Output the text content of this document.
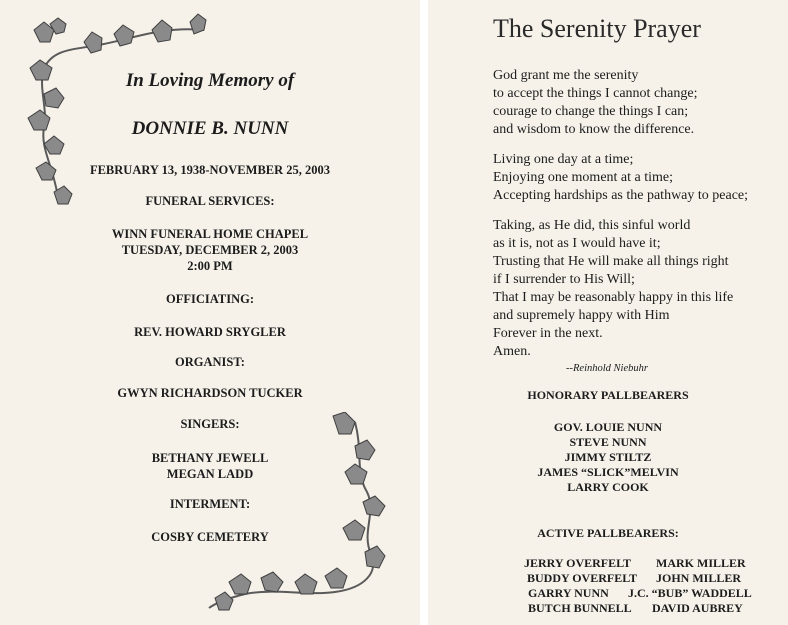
In Loving Memory of
DONNIE B. NUNN
FEBRUARY 13, 1938-NOVEMBER 25, 2003
FUNERAL SERVICES:
WINN FUNERAL HOME CHAPEL
TUESDAY, DECEMBER 2, 2003
2:00 PM
OFFICIATING:
REV. HOWARD SRYGLER
ORGANIST:
GWYN RICHARDSON TUCKER
SINGERS:
BETHANY JEWELL
MEGAN LADD
INTERMENT:
COSBY CEMETERY
The Serenity Prayer
God grant me the serenity
to accept the things I cannot change;
courage to change the things I can;
and wisdom to know the difference.

Living one day at a time;
Enjoying one moment at a time;
Accepting hardships as the pathway to peace;

Taking, as He did, this sinful world
as it is, not as I would have it;
Trusting that He will make all things right
if I surrender to His Will;
That I may be reasonably happy in this life
and supremely happy with Him
Forever in the next.
Amen.
--Reinhold Niebuhr
HONORARY PALLBEARERS
GOV. LOUIE NUNN
STEVE NUNN
JIMMY STILTZ
JAMES “SLICK”MELVIN
LARRY COOK
ACTIVE PALLBEARERS:
JERRY OVERFELT MARK MILLER
BUDDY OVERFELT JOHN MILLER
GARRY NUNN J.C. “BUB” WADDELL
BUTCH BUNNELL DAVID AUBREY
